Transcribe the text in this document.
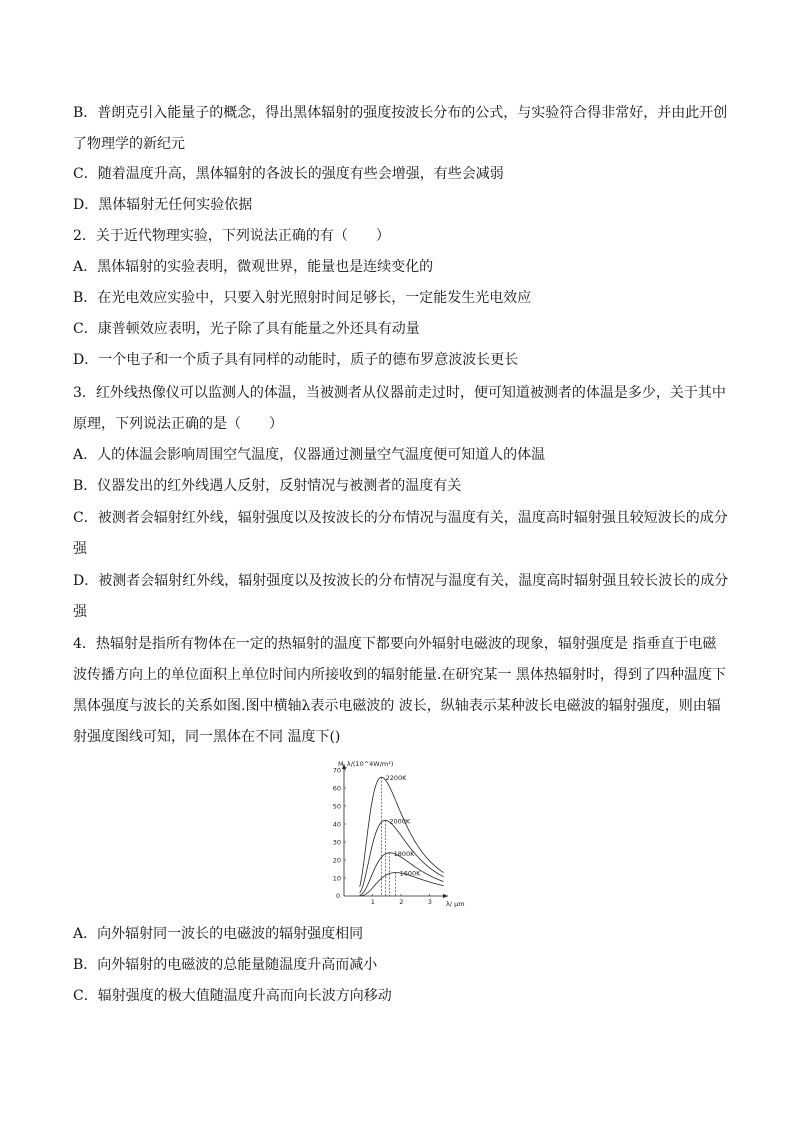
B．普朗克引入能量子的概念，得出黑体辐射的强度按波长分布的公式，与实验符合得非常好，并由此开创
了物理学的新纪元
C．随着温度升高，黑体辐射的各波长的强度有些会增强，有些会减弱
D．黑体辐射无任何实验依据
2．关于近代物理实验，下列说法正确的有（　　）
A．黑体辐射的实验表明，微观世界，能量也是连续变化的
B．在光电效应实验中，只要入射光照射时间足够长，一定能发生光电效应
C．康普顿效应表明，光子除了具有能量之外还具有动量
D．一个电子和一个质子具有同样的动能时，质子的德布罗意波波长更长
3．红外线热像仪可以监测人的体温，当被测者从仪器前走过时，便可知道被测者的体温是多少，关于其中
原理，下列说法正确的是（　　）
A．人的体温会影响周围空气温度，仪器通过测量空气温度便可知道人的体温
B．仪器发出的红外线遇人反射，反射情况与被测者的温度有关
C．被测者会辐射红外线，辐射强度以及按波长的分布情况与温度有关，温度高时辐射强且较短波长的成分
强
D．被测者会辐射红外线，辐射强度以及按波长的分布情况与温度有关，温度高时辐射强且较长波长的成分
强
4．热辐射是指所有物体在一定的热辐射的温度下都要向外辐射电磁波的现象，辐射强度是 指垂直于电磁
波传播方向上的单位面积上单位时间内所接收到的辐射能量.在研究某一 黑体热辐射时，得到了四种温度下
黑体强度与波长的关系如图.图中横轴λ表示电磁波的 波长，纵轴表示某种波长电磁波的辐射强度，则由辐
射强度图线可知，同一黑体在不同 温度下()
M_λ/(10^4W/m²)
λ/ μm
10
20
30
40
50
60
70
0
1	2	3
2200K
2000K
1800K
1600K
A．向外辐射同一波长的电磁波的辐射强度相同
B．向外辐射的电磁波的总能量随温度升高而减小
C．辐射强度的极大值随温度升高而向长波方向移动
